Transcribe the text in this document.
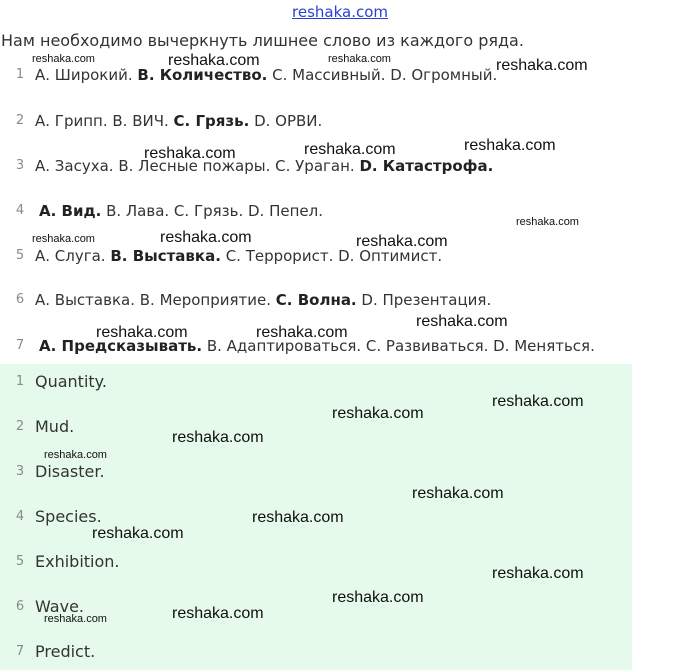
reshaka.com
Нам необходимо вычеркнуть лишнее слово из каждого ряда.
1 А. Широкий. B. Количество. C. Массивный. D. Огромный.
2 А. Грипп. B. ВИЧ. C. Грязь. D. ОРВИ.
3 А. Засуха. B. Лесные пожары. C. Ураган. D. Катастрофа.
4 А. Вид. B. Лава. C. Грязь. D. Пепел.
5 А. Слуга. B. Выставка. C. Террорист. D. Оптимист.
6 А. Выставка. B. Мероприятие. C. Волна. D. Презентация.
7 А. Предсказывать. B. Адаптироваться. C. Развиваться. D. Меняться.
1 Quantity.
2 Mud.
3 Disaster.
4 Species.
5 Exhibition.
6 Wave.
7 Predict.
reshaka.com	reshaka.com	reshaka.com	reshaka.com
reshaka.com
reshaka.com
reshaka.com
reshaka.com
reshaka.com	reshaka.com	reshaka.com
reshaka.com
reshaka.com	reshaka.com
reshaka.com
reshaka.com
reshaka.com
reshaka.com
reshaka.com
reshaka.com
reshaka.com
reshaka.com
reshaka.com
reshaka.com
reshaka.com
